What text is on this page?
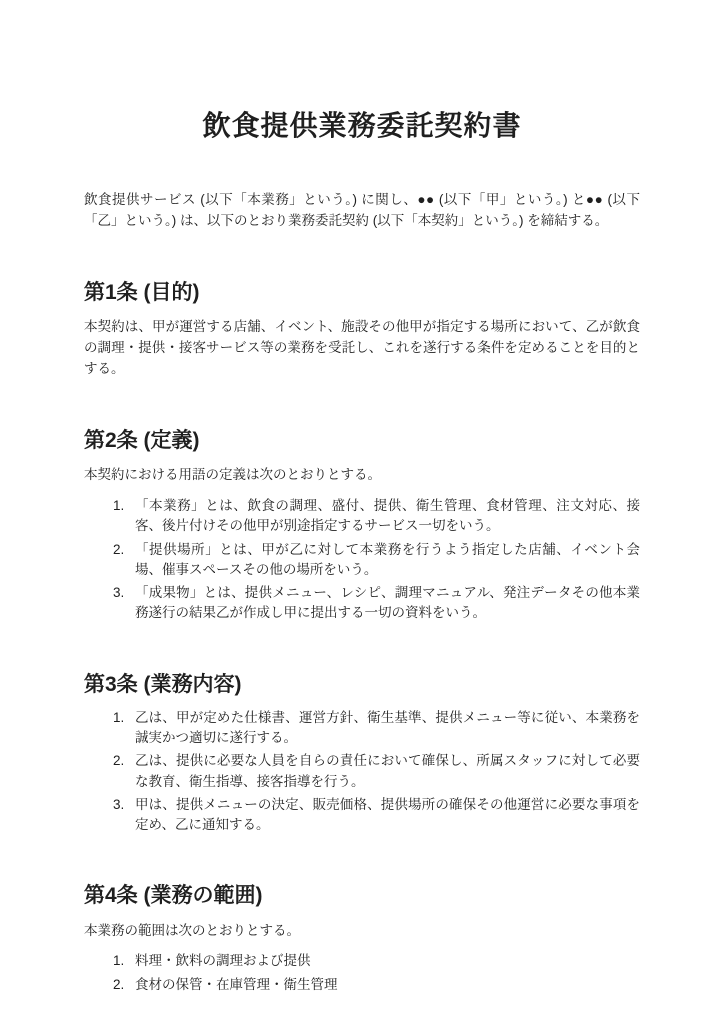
飲食提供業務委託契約書

飲食提供サービス (以下「本業務」という。) に関し、●● (以下「甲」という。) と●● (以下「乙」という。) は、以下のとおり業務委託契約 (以下「本契約」という。) を締結する。

第1条 (目的)

本契約は、甲が運営する店舗、イベント、施設その他甲が指定する場所において、乙が飲食の調理・提供・接客サービス等の業務を受託し、これを遂行する条件を定めることを目的とする。

第2条 (定義)

本契約における用語の定義は次のとおりとする。

1. 「本業務」とは、飲食の調理、盛付、提供、衛生管理、食材管理、注文対応、接客、後片付けその他甲が別途指定するサービス一切をいう。
2. 「提供場所」とは、甲が乙に対して本業務を行うよう指定した店舗、イベント会場、催事スペースその他の場所をいう。
3. 「成果物」とは、提供メニュー、レシピ、調理マニュアル、発注データその他本業務遂行の結果乙が作成し甲に提出する一切の資料をいう。
第3条 (業務内容)
1. 乙は、甲が定めた仕様書、運営方針、衛生基準、提供メニュー等に従い、本業務を誠実かつ適切に遂行する。
2. 乙は、提供に必要な人員を自らの責任において確保し、所属スタッフに対して必要な教育、衛生指導、接客指導を行う。
3. 甲は、提供メニューの決定、販売価格、提供場所の確保その他運営に必要な事項を定め、乙に通知する。
第4条 (業務の範囲)

本業務の範囲は次のとおりとする。

1. 料理・飲料の調理および提供
2. 食材の保管・在庫管理・衛生管理
